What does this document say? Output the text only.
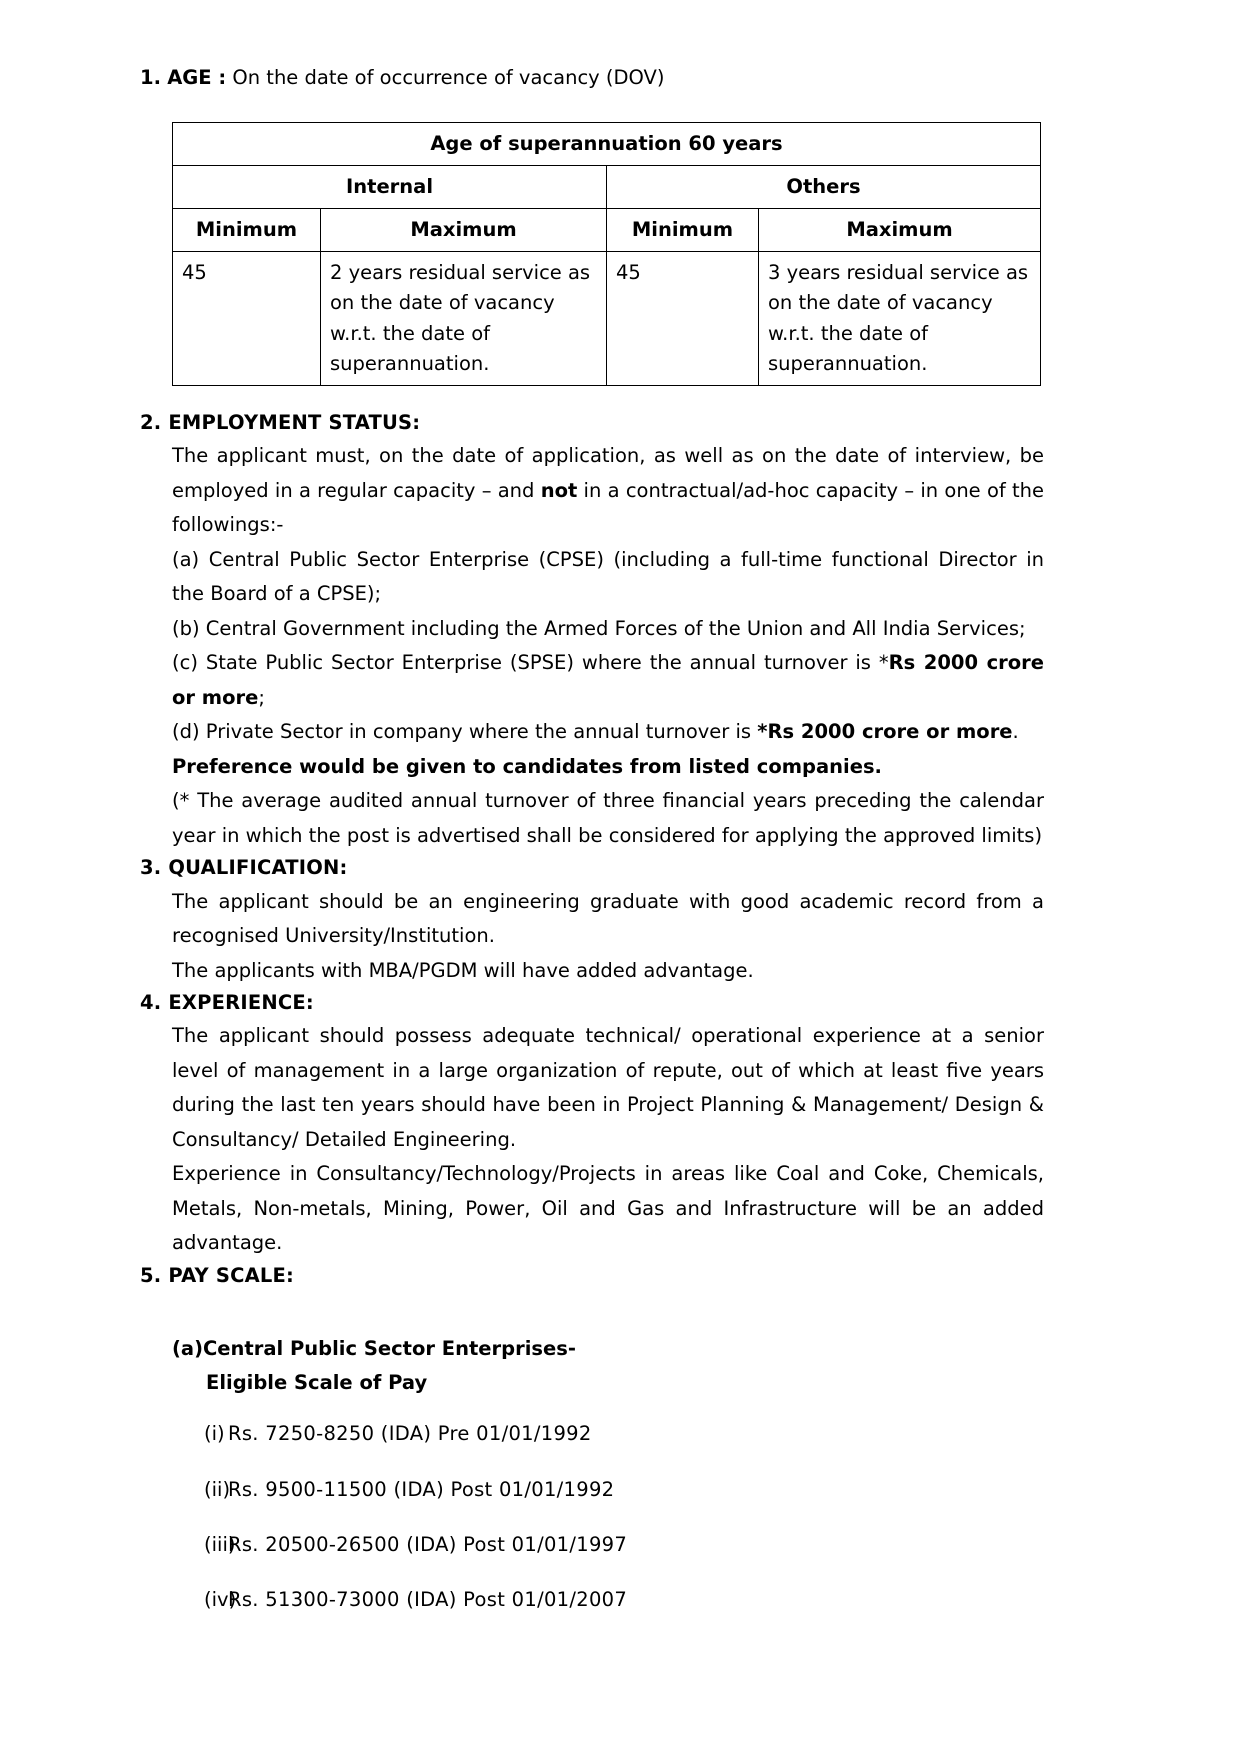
1. AGE : On the date of occurrence of vacancy (DOV)
Age of superannuation 60 years			
Internal		Others	
Minimum	Maximum	Minimum	Maximum
45	2 years residual service as on the date of vacancy w.r.t. the date of superannuation.	45	3 years residual service as on the date of vacancy w.r.t. the date of superannuation.
2. EMPLOYMENT STATUS:

The applicant must, on the date of application, as well as on the date of interview, be employed in a regular capacity – and not in a contractual/ad-hoc capacity – in one of the followings:-

(a) Central Public Sector Enterprise (CPSE) (including a full-time functional Director in the Board of a CPSE);

(b) Central Government including the Armed Forces of the Union and All India Services;

(c) State Public Sector Enterprise (SPSE) where the annual turnover is *Rs 2000 crore or more;

(d) Private Sector in company where the annual turnover is *Rs 2000 crore or more.

Preference would be given to candidates from listed companies.

(* The average audited annual turnover of three financial years preceding the calendar year in which the post is advertised shall be considered for applying the approved limits)

3. QUALIFICATION:

The applicant should be an engineering graduate with good academic record from a recognised University/Institution.

The applicants with MBA/PGDM will have added advantage.

4. EXPERIENCE:

The applicant should possess adequate technical/ operational experience at a senior level of management in a large organization of repute, out of which at least five years during the last ten years should have been in Project Planning & Management/ Design & Consultancy/ Detailed Engineering.

Experience in Consultancy/Technology/Projects in areas like Coal and Coke, Chemicals, Metals, Non-metals, Mining, Power, Oil and Gas and Infrastructure will be an added advantage.

5. PAY SCALE:
(a)Central Public Sector Enterprises-
Eligible Scale of Pay
(i) Rs. 7250-8250 (IDA) Pre 01/01/1992
(ii)
Rs. 9500-11500 (IDA) Post 01/01/1992
(iii)
Rs. 20500-26500 (IDA) Post 01/01/1997
(iv)
Rs. 51300-73000 (IDA) Post 01/01/2007
